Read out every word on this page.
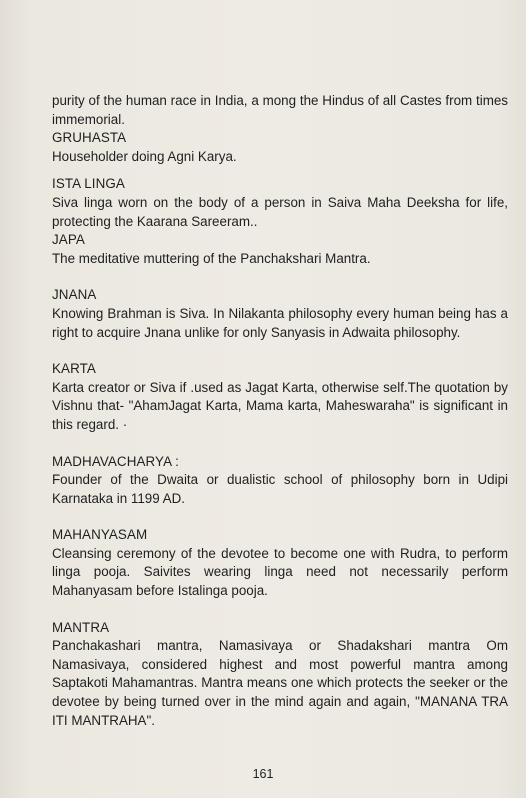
purity of the human race in India, a mong the Hindus of all Castes from times immemorial.

GRUHASTA
Householder doing Agni Karya.
ISTA LINGA
Siva linga worn on the body of a person in Saiva Maha Deeksha for life, protecting the Kaarana Sareeram..
JAPA
The meditative muttering of the Panchakshari Mantra.
JNANA
Knowing Brahman is Siva. In Nilakanta philosophy every human being has a right to acquire Jnana unlike for only Sanyasis in Adwaita philosophy.
KARTA
Karta creator or Siva if .used as Jagat Karta, otherwise self.The quotation by Vishnu that- "AhamJagat Karta, Mama karta, Maheswaraha" is significant in this regard. ·
MADHAVACHARYA :
Founder of the Dwaita or dualistic school of philosophy born in Udipi Karnataka in 1199 AD.
MAHANYASAM
Cleansing ceremony of the devotee to become one with Rudra, to perform linga pooja. Saivites wearing linga need not necessarily perform Mahanyasam before Istalinga pooja.
MANTRA
Panchakashari mantra, Namasivaya or Shadakshari mantra Om Namasivaya, considered highest and most powerful mantra among Saptakoti Mahamantras. Mantra means one which protects the seeker or the devotee by being turned over in the mind again and again, "MANANA TRA ITI MANTRAHA".
161
